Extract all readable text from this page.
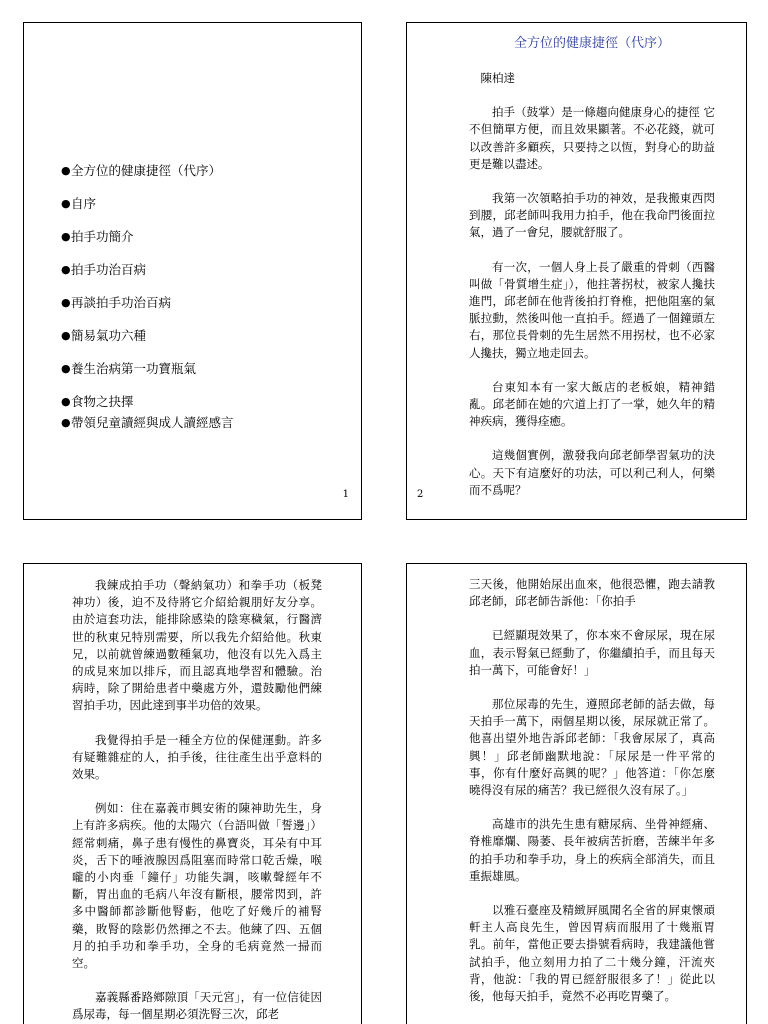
● 全方位的健康捷徑（代序）
● 自序
● 拍手功簡介
● 拍手功治百病
● 再談拍手功治百病
● 簡易氣功六種
● 養生治病第一功寶瓶氣
● 食物之抉擇
● 帶領兒童讀經與成人讀經感言
1
全方位的健康捷徑（代序）
陳柏達

拍手（鼓掌）是一條趨向健康身心的捷徑 它不但簡單方便，而且效果顯著。不必花錢，就可以改善許多顧疾，只要持之以恆，對身心的助益更是難以盡述。

我第一次領略拍手功的神效，是我搬東西閃到腰，邱老師叫我用力拍手，他在我命門後面拉氣，過了一會兒，腰就舒服了。

有一次，一個人身上長了嚴重的骨刺（西醫叫做「骨質增生症」），他拄著拐杖，被家人攙扶進門，邱老師在他背後拍打脊椎，把他阻塞的氣脈拉動，然後叫他一直拍手。經過了一個鐘頭左右，那位長骨刺的先生居然不用拐杖，也不必家人攙扶，獨立地走回去。

台東知本有一家大飯店的老板娘，精神錯亂。邱老師在她的穴道上打了一掌，她久年的精神疾病，獲得痊癒。

這幾個實例，激發我向邱老師學習氣功的決心。天下有這麼好的功法，可以利己利人，何樂而不爲呢？

2

我練成拍手功（聲納氣功）和拳手功（板凳神功）後，迫不及待將它介紹給親朋好友分享。由於這套功法，能排除感染的陰寒穢氣，行醫濟世的秋東兄特別需要，所以我先介紹給他。秋東兄，以前就曾練過數種氣功，他沒有以先入爲主的成見來加以排斥，而且認真地學習和體驗。治病時，除了開給患者中藥處方外，還鼓勵他們練習拍手功，因此達到事半功倍的效果。

我覺得拍手是一種全方位的保健運動。許多有疑難雜症的人，拍手後，往往產生出乎意料的效果。

例如：住在嘉義市興安術的陳神助先生，身上有許多病疾。他的太陽穴（台語叫做「誓邊」）經常刺痛，鼻子患有慢性的鼻寶炎，耳朵有中耳炎，舌下的唾液腺因爲阻塞而時常口乾舌燥，喉嚨的小肉垂「鐘仔」功能失調，咳嗽聲經年不斷，胃出血的毛病八年沒有斷根，腰常閃到，許多中醫師都診斷他腎虧，他吃了好幾斤的補腎藥，敗腎的陰影仍然揮之不去。他練了四、五個月的拍手功和拳手功，全身的毛病竟然一掃而空。

嘉義縣番路鄉隙頂「天元宮」，有一位信徒因爲尿毒，每一個星期必須洗腎三次，邱老

三天後，他開始尿出血來，他很恐懼，跑去請教邱老師，邱老師告訴他：「你拍手

已經顯現效果了，你本來不會尿尿，現在尿血，表示腎氣已經動了，你繼續拍手，而且每天拍一萬下，可能會好！」

那位尿毒的先生，遵照邱老師的話去做，每天拍手一萬下，兩個星期以後，尿尿就正常了。他喜出望外地告訴邱老師：「我會尿尿了，真高興！」邱老師幽默地說：「尿尿是一件平常的事，你有什麼好高興的呢？」他答道：「你怎麼曉得沒有尿的痛苦？我已經很久沒有尿了。」

高雄市的洪先生患有糖尿病、坐骨神經痛、脊椎靡爛、陽萎、長年被病苦折磨，苦練半年多的拍手功和拳手功，身上的疾病全部消失，而且重振雄風。

以雅石臺座及精緻屛風聞名全省的屛東懷頑軒主人高良先生，曾因胃病而服用了十幾瓶胃乳。前年，當他正要去掛號看病時，我建議他嘗試拍手，他立刻用力拍了二十幾分鐘，汗流夾背，他說：「我的胃已經舒服很多了！」從此以後，他每天拍手，竟然不必再吃胃藥了。
